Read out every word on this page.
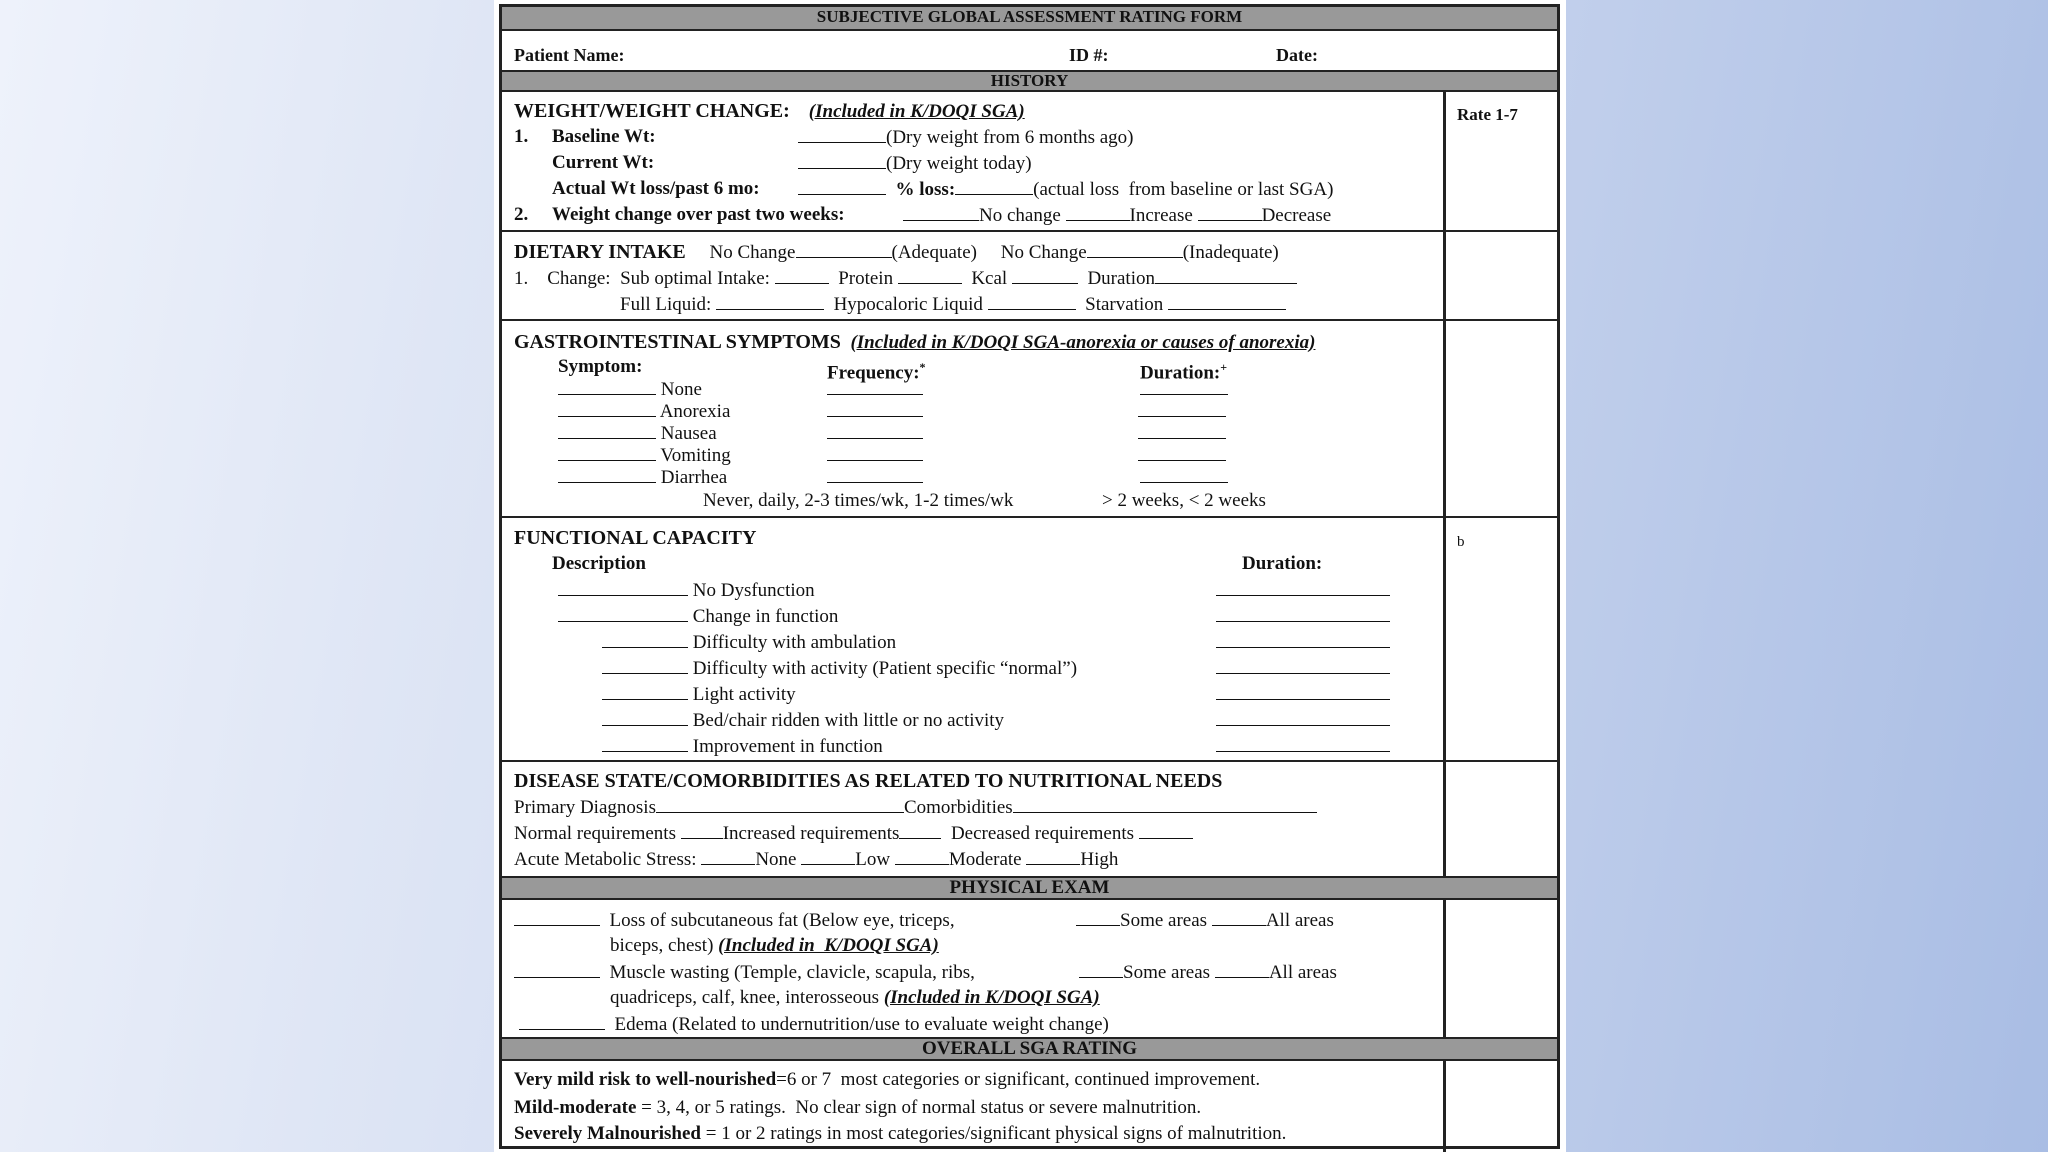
SUBJECTIVE GLOBAL ASSESSMENT RATING FORM
Patient Name:	ID #:	Date:
HISTORY
Rate 1-7
WEIGHT/WEIGHT CHANGE: (Included in K/DOQI SGA)
1. Baseline Wt:	(Dry weight from 6 months ago)
Current Wt:	(Dry weight today)
Actual Wt loss/past 6 mo:	% loss:	(actual loss  from baseline or last SGA)
2. Weight change over past two weeks:	No change	Increase	Decrease
DIETARY INTAKE No Change	(Adequate) No Change	(Inadequate)
1. Change:  Sub optimal Intake:	Protein	Kcal	Duration
Full Liquid:	Hypocaloric Liquid	Starvation
GASTROINTESTINAL SYMPTOMS (Included in K/DOQI SGA-anorexia or causes of anorexia)
Symptom:	Frequency:*	Duration:+
None
Anorexia
Nausea
Vomiting
Diarrhea
Never, daily, 2-3 times/wk, 1-2 times/wk	> 2 weeks, < 2 weeks
FUNCTIONAL CAPACITY	b
Description	Duration:
No Dysfunction
Change in function
Difficulty with ambulation
Difficulty with activity (Patient specific “normal”)
Light activity
Bed/chair ridden with little or no activity
Improvement in function
DISEASE STATE/COMORBIDITIES AS RELATED TO NUTRITIONAL NEEDS
Primary Diagnosis	Comorbidities
Normal requirements Increased requirements	Decreased requirements
Acute Metabolic Stress:	None	Low	Moderate	High
PHYSICAL EXAM
Loss of subcutaneous fat (Below eye, triceps,	Some areas	All areas
biceps, chest) (Included in  K/DOQI SGA)
Muscle wasting (Temple, clavicle, scapula, ribs,	Some areas	All areas
quadriceps, calf, knee, interosseous (Included in K/DOQI SGA)
Edema (Related to undernutrition/use to evaluate weight change)
OVERALL SGA RATING
Very mild risk to well-nourished=6 or 7  most categories or significant, continued improvement.
Mild-moderate = 3, 4, or 5 ratings.  No clear sign of normal status or severe malnutrition.
Severely Malnourished = 1 or 2 ratings in most categories/significant physical signs of malnutrition.
